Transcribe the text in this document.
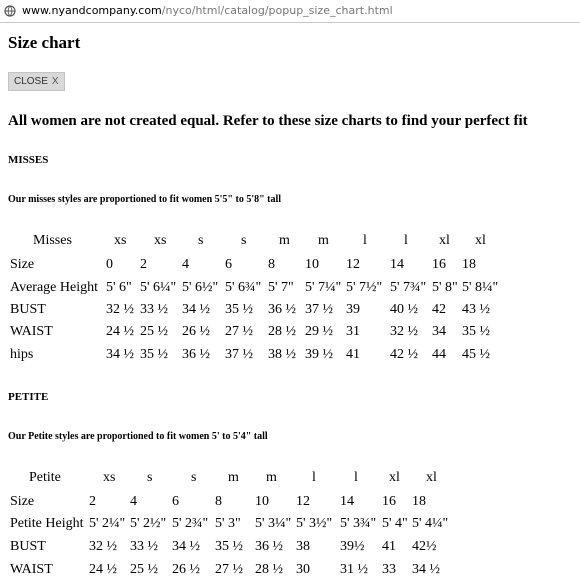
www.nyandcompany.com/nyco/html/catalog/popup_size_chart.html
Size chart
CLOSE X

All women are not created equal. Refer to these size charts to find your perfect fit

MISSES

Our misses styles are proportioned to fit women 5'5" to 5'8" tall

Misses	xs xs s	s m m l	l xl xl
Size	0 2	4	6	8 10 12 14 16 18
Average Height 5' 6" 5' 6¼" 5' 6½" 5' 6¾" 5' 7" 5' 7¼" 5' 7½" 5' 7¾" 5' 8" 5' 8¼"
BUST	32 ½ 33 ½ 34 ½ 35 ½ 36 ½ 37 ½ 39 40 ½ 42 43 ½
WAIST	24 ½ 25 ½ 26 ½ 27 ½ 28 ½ 29 ½ 31 32 ½ 34 35 ½
hips	34 ½ 35 ½ 36 ½ 37 ½ 38 ½ 39 ½ 41 42 ½ 44 45 ½

PETITE

Our Petite styles are proportioned to fit women 5' to 5'4" tall

Petite	xs s	s m m	l	l xl xl
Size	2 4	6	8 10 12 14 16 18
Petite Height 5' 2¼" 5' 2½" 5' 2¾" 5' 3" 5' 3¼" 5' 3½" 5' 3¾" 5' 4" 5' 4¼"
BUST	32 ½ 33 ½ 34 ½ 35 ½ 36 ½ 38 39½ 41 42½
WAIST	24 ½ 25 ½ 26 ½ 27 ½ 28 ½ 30 31 ½ 33 34 ½
